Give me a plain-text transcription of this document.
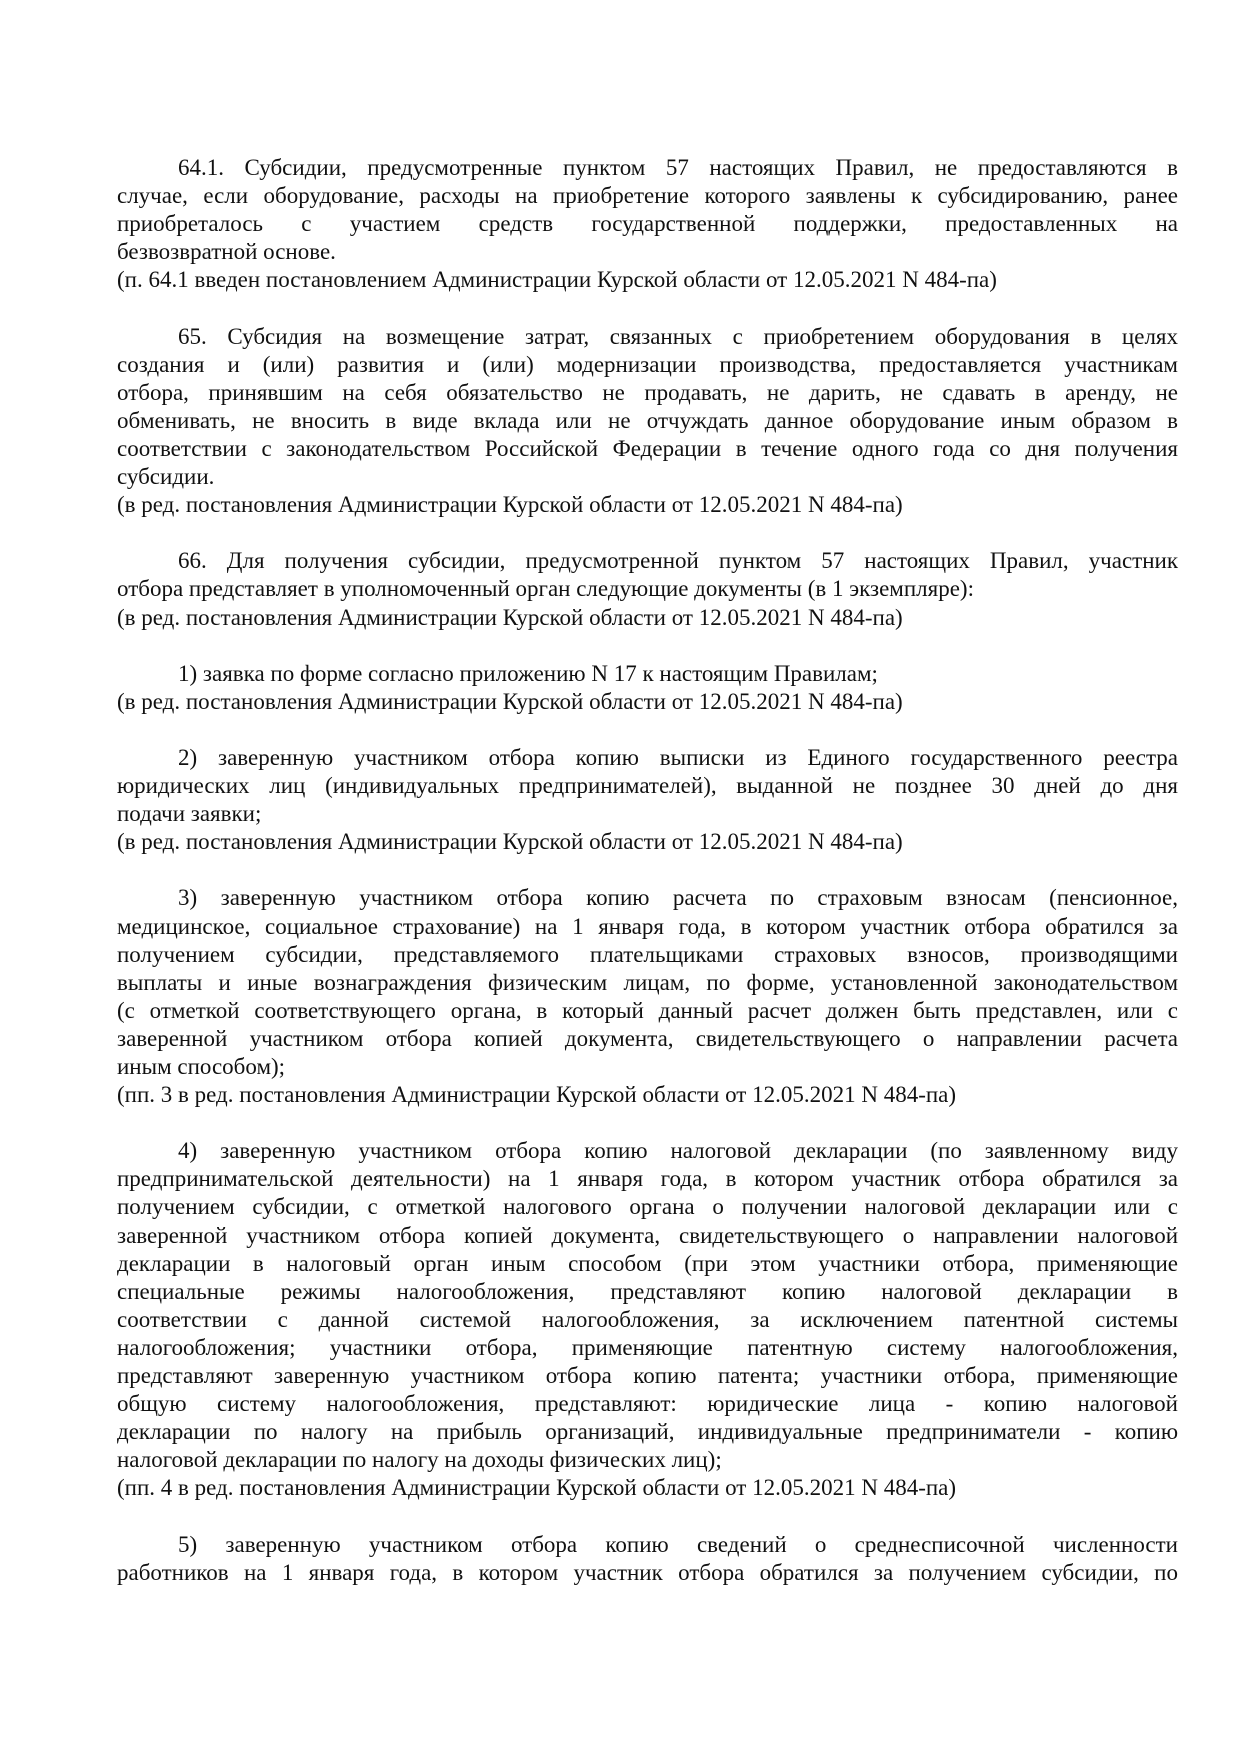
64.1. Субсидии, предусмотренные пунктом 57 настоящих Правил, не предоставляются в
случае, если оборудование, расходы на приобретение которого заявлены к субсидированию, ранее
приобреталось с участием средств государственной поддержки, предоставленных на
безвозвратной основе.
(п. 64.1 введен постановлением Администрации Курской области от 12.05.2021 N 484-па)
65. Субсидия на возмещение затрат, связанных с приобретением оборудования в целях
создания и (или) развития и (или) модернизации производства, предоставляется участникам
отбора, принявшим на себя обязательство не продавать, не дарить, не сдавать в аренду, не
обменивать, не вносить в виде вклада или не отчуждать данное оборудование иным образом в
соответствии с законодательством Российской Федерации в течение одного года со дня получения
субсидии.
(в ред. постановления Администрации Курской области от 12.05.2021 N 484-па)
66. Для получения субсидии, предусмотренной пунктом 57 настоящих Правил, участник
отбора представляет в уполномоченный орган следующие документы (в 1 экземпляре):
(в ред. постановления Администрации Курской области от 12.05.2021 N 484-па)
1) заявка по форме согласно приложению N 17 к настоящим Правилам;
(в ред. постановления Администрации Курской области от 12.05.2021 N 484-па)
2) заверенную участником отбора копию выписки из Единого государственного реестра
юридических лиц (индивидуальных предпринимателей), выданной не позднее 30 дней до дня
подачи заявки;
(в ред. постановления Администрации Курской области от 12.05.2021 N 484-па)
3) заверенную участником отбора копию расчета по страховым взносам (пенсионное,
медицинское, социальное страхование) на 1 января года, в котором участник отбора обратился за
получением субсидии, представляемого плательщиками страховых взносов, производящими
выплаты и иные вознаграждения физическим лицам, по форме, установленной законодательством
(с отметкой соответствующего органа, в который данный расчет должен быть представлен, или с
заверенной участником отбора копией документа, свидетельствующего о направлении расчета
иным способом);
(пп. 3 в ред. постановления Администрации Курской области от 12.05.2021 N 484-па)
4) заверенную участником отбора копию налоговой декларации (по заявленному виду
предпринимательской деятельности) на 1 января года, в котором участник отбора обратился за
получением субсидии, с отметкой налогового органа о получении налоговой декларации или с
заверенной участником отбора копией документа, свидетельствующего о направлении налоговой
декларации в налоговый орган иным способом (при этом участники отбора, применяющие
специальные режимы налогообложения, представляют копию налоговой декларации в
соответствии с данной системой налогообложения, за исключением патентной системы
налогообложения; участники отбора, применяющие патентную систему налогообложения,
представляют заверенную участником отбора копию патента; участники отбора, применяющие
общую систему налогообложения, представляют: юридические лица - копию налоговой
декларации по налогу на прибыль организаций, индивидуальные предприниматели - копию
налоговой декларации по налогу на доходы физических лиц);
(пп. 4 в ред. постановления Администрации Курской области от 12.05.2021 N 484-па)
5) заверенную участником отбора копию сведений о среднесписочной численности
работников на 1 января года, в котором участник отбора обратился за получением субсидии, по
